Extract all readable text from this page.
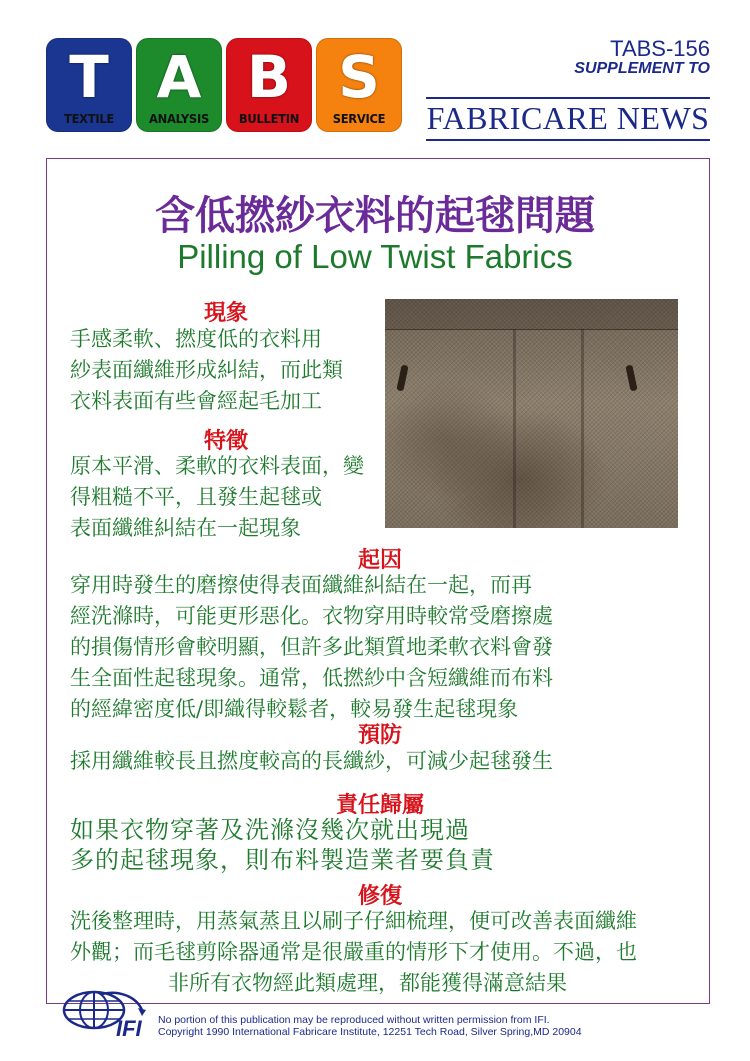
T
TEXTILE
A
ANALYSIS
B
BULLETIN
S
SERVICE
TABS-156
SUPPLEMENT TO
FABRICARE NEWS
含低撚紗衣料的起毬問題
Pilling of Low Twist Fabrics
現象
手感柔軟、撚度低的衣料用
紗表面纖維形成糾結，而此類
衣料表面有些會經起毛加工
特徵
原本平滑、柔軟的衣料表面，變
得粗糙不平，且發生起毬或
表面纖維糾結在一起現象
起因
穿用時發生的磨擦使得表面纖維糾結在一起，而再
經洗滌時，可能更形惡化。衣物穿用時較常受磨擦處
的損傷情形會較明顯，但許多此類質地柔軟衣料會發
生全面性起毬現象。通常，低撚紗中含短纖維而布料
的經緯密度低/即織得較鬆者，較易發生起毬現象
預防
採用纖維較長且撚度較高的長纖紗，可減少起毬發生
責任歸屬
如果衣物穿著及洗滌沒幾次就出現過
多的起毬現象，則布料製造業者要負責
修復
洗後整理時，用蒸氣蒸且以刷子仔細梳理，便可改善表面纖維
外觀；而毛毬剪除器通常是很嚴重的情形下才使用。不過，也
非所有衣物經此類處理，都能獲得滿意結果
IFI No portion of this publication may be reproduced without written permission from IFI.
Copyright 1990 International Fabricare Institute, 12251 Tech Road, Silver Spring,MD 20904
